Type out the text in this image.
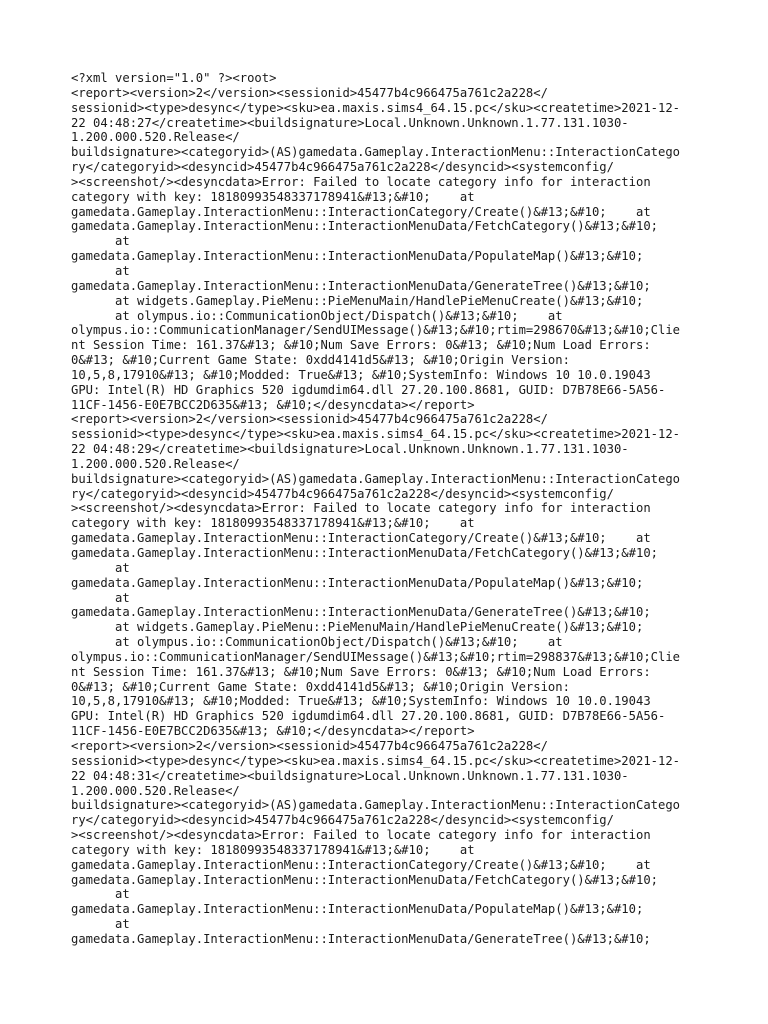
<?xml version="1.0" ?><root>
<report><version>2</version><sessionid>45477b4c966475a761c2a228</
sessionid><type>desync</type><sku>ea.maxis.sims4_64.15.pc</sku><createtime>2021-12-
22 04:48:27</createtime><buildsignature>Local.Unknown.Unknown.1.77.131.1030-
1.200.000.520.Release</
buildsignature><categoryid>(AS)gamedata.Gameplay.InteractionMenu::InteractionCatego
ry</categoryid><desyncid>45477b4c966475a761c2a228</desyncid><systemconfig/
><screenshot/><desyncdata>Error: Failed to locate category info for interaction
category with key: 18180993548337178941&#13;&#10;    at
gamedata.Gameplay.InteractionMenu::InteractionCategory/Create()&#13;&#10;    at
gamedata.Gameplay.InteractionMenu::InteractionMenuData/FetchCategory()&#13;&#10;
at
gamedata.Gameplay.InteractionMenu::InteractionMenuData/PopulateMap()&#13;&#10;
at
gamedata.Gameplay.InteractionMenu::InteractionMenuData/GenerateTree()&#13;&#10;
at widgets.Gameplay.PieMenu::PieMenuMain/HandlePieMenuCreate()&#13;&#10;
at olympus.io::CommunicationObject/Dispatch()&#13;&#10;    at
olympus.io::CommunicationManager/SendUIMessage()&#13;&#10;rtim=298670&#13;&#10;Clie
nt Session Time: 161.37&#13; &#10;Num Save Errors: 0&#13; &#10;Num Load Errors:
0&#13; &#10;Current Game State: 0xdd4141d5&#13; &#10;Origin Version:
10,5,8,17910&#13; &#10;Modded: True&#13; &#10;SystemInfo: Windows 10 10.0.19043
GPU: Intel(R) HD Graphics 520 igdumdim64.dll 27.20.100.8681, GUID: D7B78E66-5A56-
11CF-1456-E0E7BCC2D635&#13; &#10;</desyncdata></report>
<report><version>2</version><sessionid>45477b4c966475a761c2a228</
sessionid><type>desync</type><sku>ea.maxis.sims4_64.15.pc</sku><createtime>2021-12-
22 04:48:29</createtime><buildsignature>Local.Unknown.Unknown.1.77.131.1030-
1.200.000.520.Release</
buildsignature><categoryid>(AS)gamedata.Gameplay.InteractionMenu::InteractionCatego
ry</categoryid><desyncid>45477b4c966475a761c2a228</desyncid><systemconfig/
><screenshot/><desyncdata>Error: Failed to locate category info for interaction
category with key: 18180993548337178941&#13;&#10;    at
gamedata.Gameplay.InteractionMenu::InteractionCategory/Create()&#13;&#10;    at
gamedata.Gameplay.InteractionMenu::InteractionMenuData/FetchCategory()&#13;&#10;
at
gamedata.Gameplay.InteractionMenu::InteractionMenuData/PopulateMap()&#13;&#10;
at
gamedata.Gameplay.InteractionMenu::InteractionMenuData/GenerateTree()&#13;&#10;
at widgets.Gameplay.PieMenu::PieMenuMain/HandlePieMenuCreate()&#13;&#10;
at olympus.io::CommunicationObject/Dispatch()&#13;&#10;    at
olympus.io::CommunicationManager/SendUIMessage()&#13;&#10;rtim=298837&#13;&#10;Clie
nt Session Time: 161.37&#13; &#10;Num Save Errors: 0&#13; &#10;Num Load Errors:
0&#13; &#10;Current Game State: 0xdd4141d5&#13; &#10;Origin Version:
10,5,8,17910&#13; &#10;Modded: True&#13; &#10;SystemInfo: Windows 10 10.0.19043
GPU: Intel(R) HD Graphics 520 igdumdim64.dll 27.20.100.8681, GUID: D7B78E66-5A56-
11CF-1456-E0E7BCC2D635&#13; &#10;</desyncdata></report>
<report><version>2</version><sessionid>45477b4c966475a761c2a228</
sessionid><type>desync</type><sku>ea.maxis.sims4_64.15.pc</sku><createtime>2021-12-
22 04:48:31</createtime><buildsignature>Local.Unknown.Unknown.1.77.131.1030-
1.200.000.520.Release</
buildsignature><categoryid>(AS)gamedata.Gameplay.InteractionMenu::InteractionCatego
ry</categoryid><desyncid>45477b4c966475a761c2a228</desyncid><systemconfig/
><screenshot/><desyncdata>Error: Failed to locate category info for interaction
category with key: 18180993548337178941&#13;&#10;    at
gamedata.Gameplay.InteractionMenu::InteractionCategory/Create()&#13;&#10;    at
gamedata.Gameplay.InteractionMenu::InteractionMenuData/FetchCategory()&#13;&#10;
at
gamedata.Gameplay.InteractionMenu::InteractionMenuData/PopulateMap()&#13;&#10;
at
gamedata.Gameplay.InteractionMenu::InteractionMenuData/GenerateTree()&#13;&#10;
